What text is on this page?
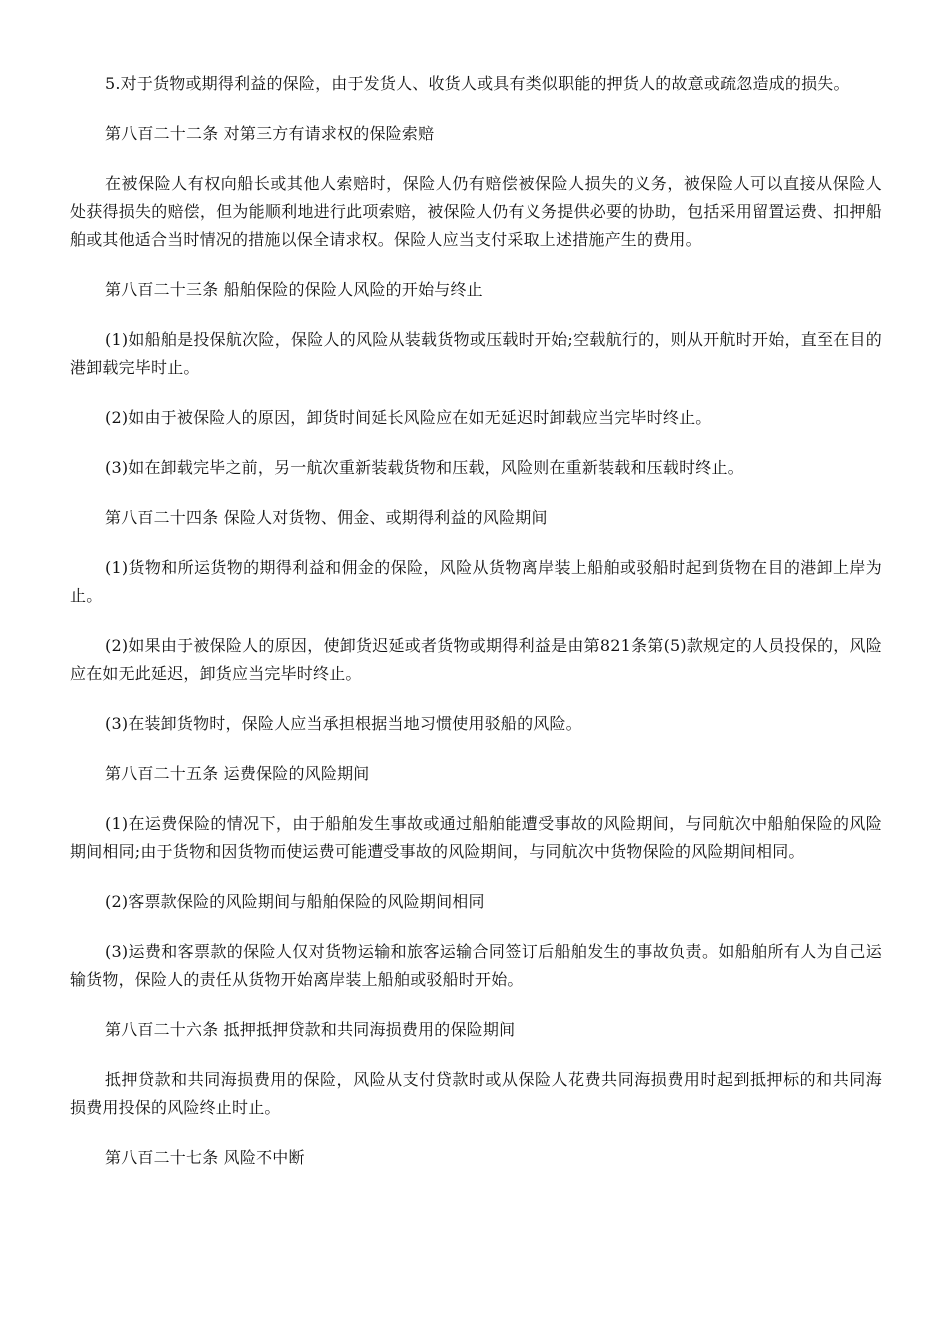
5.对于货物或期得利益的保险，由于发货人、收货人或具有类似职能的押货人的故意或疏忽造成的损失。

第八百二十二条 对第三方有请求权的保险索赔

在被保险人有权向船长或其他人索赔时，保险人仍有赔偿被保险人损失的义务，被保险人可以直接从保险人处获得损失的赔偿，但为能顺利地进行此项索赔，被保险人仍有义务提供必要的协助，包括采用留置运费、扣押船舶或其他适合当时情况的措施以保全请求权。保险人应当支付采取上述措施产生的费用。

第八百二十三条 船舶保险的保险人风险的开始与终止

(1)如船舶是投保航次险，保险人的风险从装载货物或压载时开始;空载航行的，则从开航时开始，直至在目的港卸载完毕时止。

(2)如由于被保险人的原因，卸货时间延长风险应在如无延迟时卸载应当完毕时终止。

(3)如在卸载完毕之前，另一航次重新装载货物和压载，风险则在重新装载和压载时终止。

第八百二十四条 保险人对货物、佣金、或期得利益的风险期间

(1)货物和所运货物的期得利益和佣金的保险，风险从货物离岸装上船舶或驳船时起到货物在目的港卸上岸为止。

(2)如果由于被保险人的原因，使卸货迟延或者货物或期得利益是由第821条第(5)款规定的人员投保的，风险应在如无此延迟，卸货应当完毕时终止。

(3)在装卸货物时，保险人应当承担根据当地习惯使用驳船的风险。

第八百二十五条 运费保险的风险期间

(1)在运费保险的情况下，由于船舶发生事故或通过船舶能遭受事故的风险期间，与同航次中船舶保险的风险期间相同;由于货物和因货物而使运费可能遭受事故的风险期间，与同航次中货物保险的风险期间相同。

(2)客票款保险的风险期间与船舶保险的风险期间相同

(3)运费和客票款的保险人仅对货物运输和旅客运输合同签订后船舶发生的事故负责。如船舶所有人为自己运输货物，保险人的责任从货物开始离岸装上船舶或驳船时开始。

第八百二十六条 抵押抵押贷款和共同海损费用的保险期间

抵押贷款和共同海损费用的保险，风险从支付贷款时或从保险人花费共同海损费用时起到抵押标的和共同海损费用投保的风险终止时止。

第八百二十七条 风险不中断
